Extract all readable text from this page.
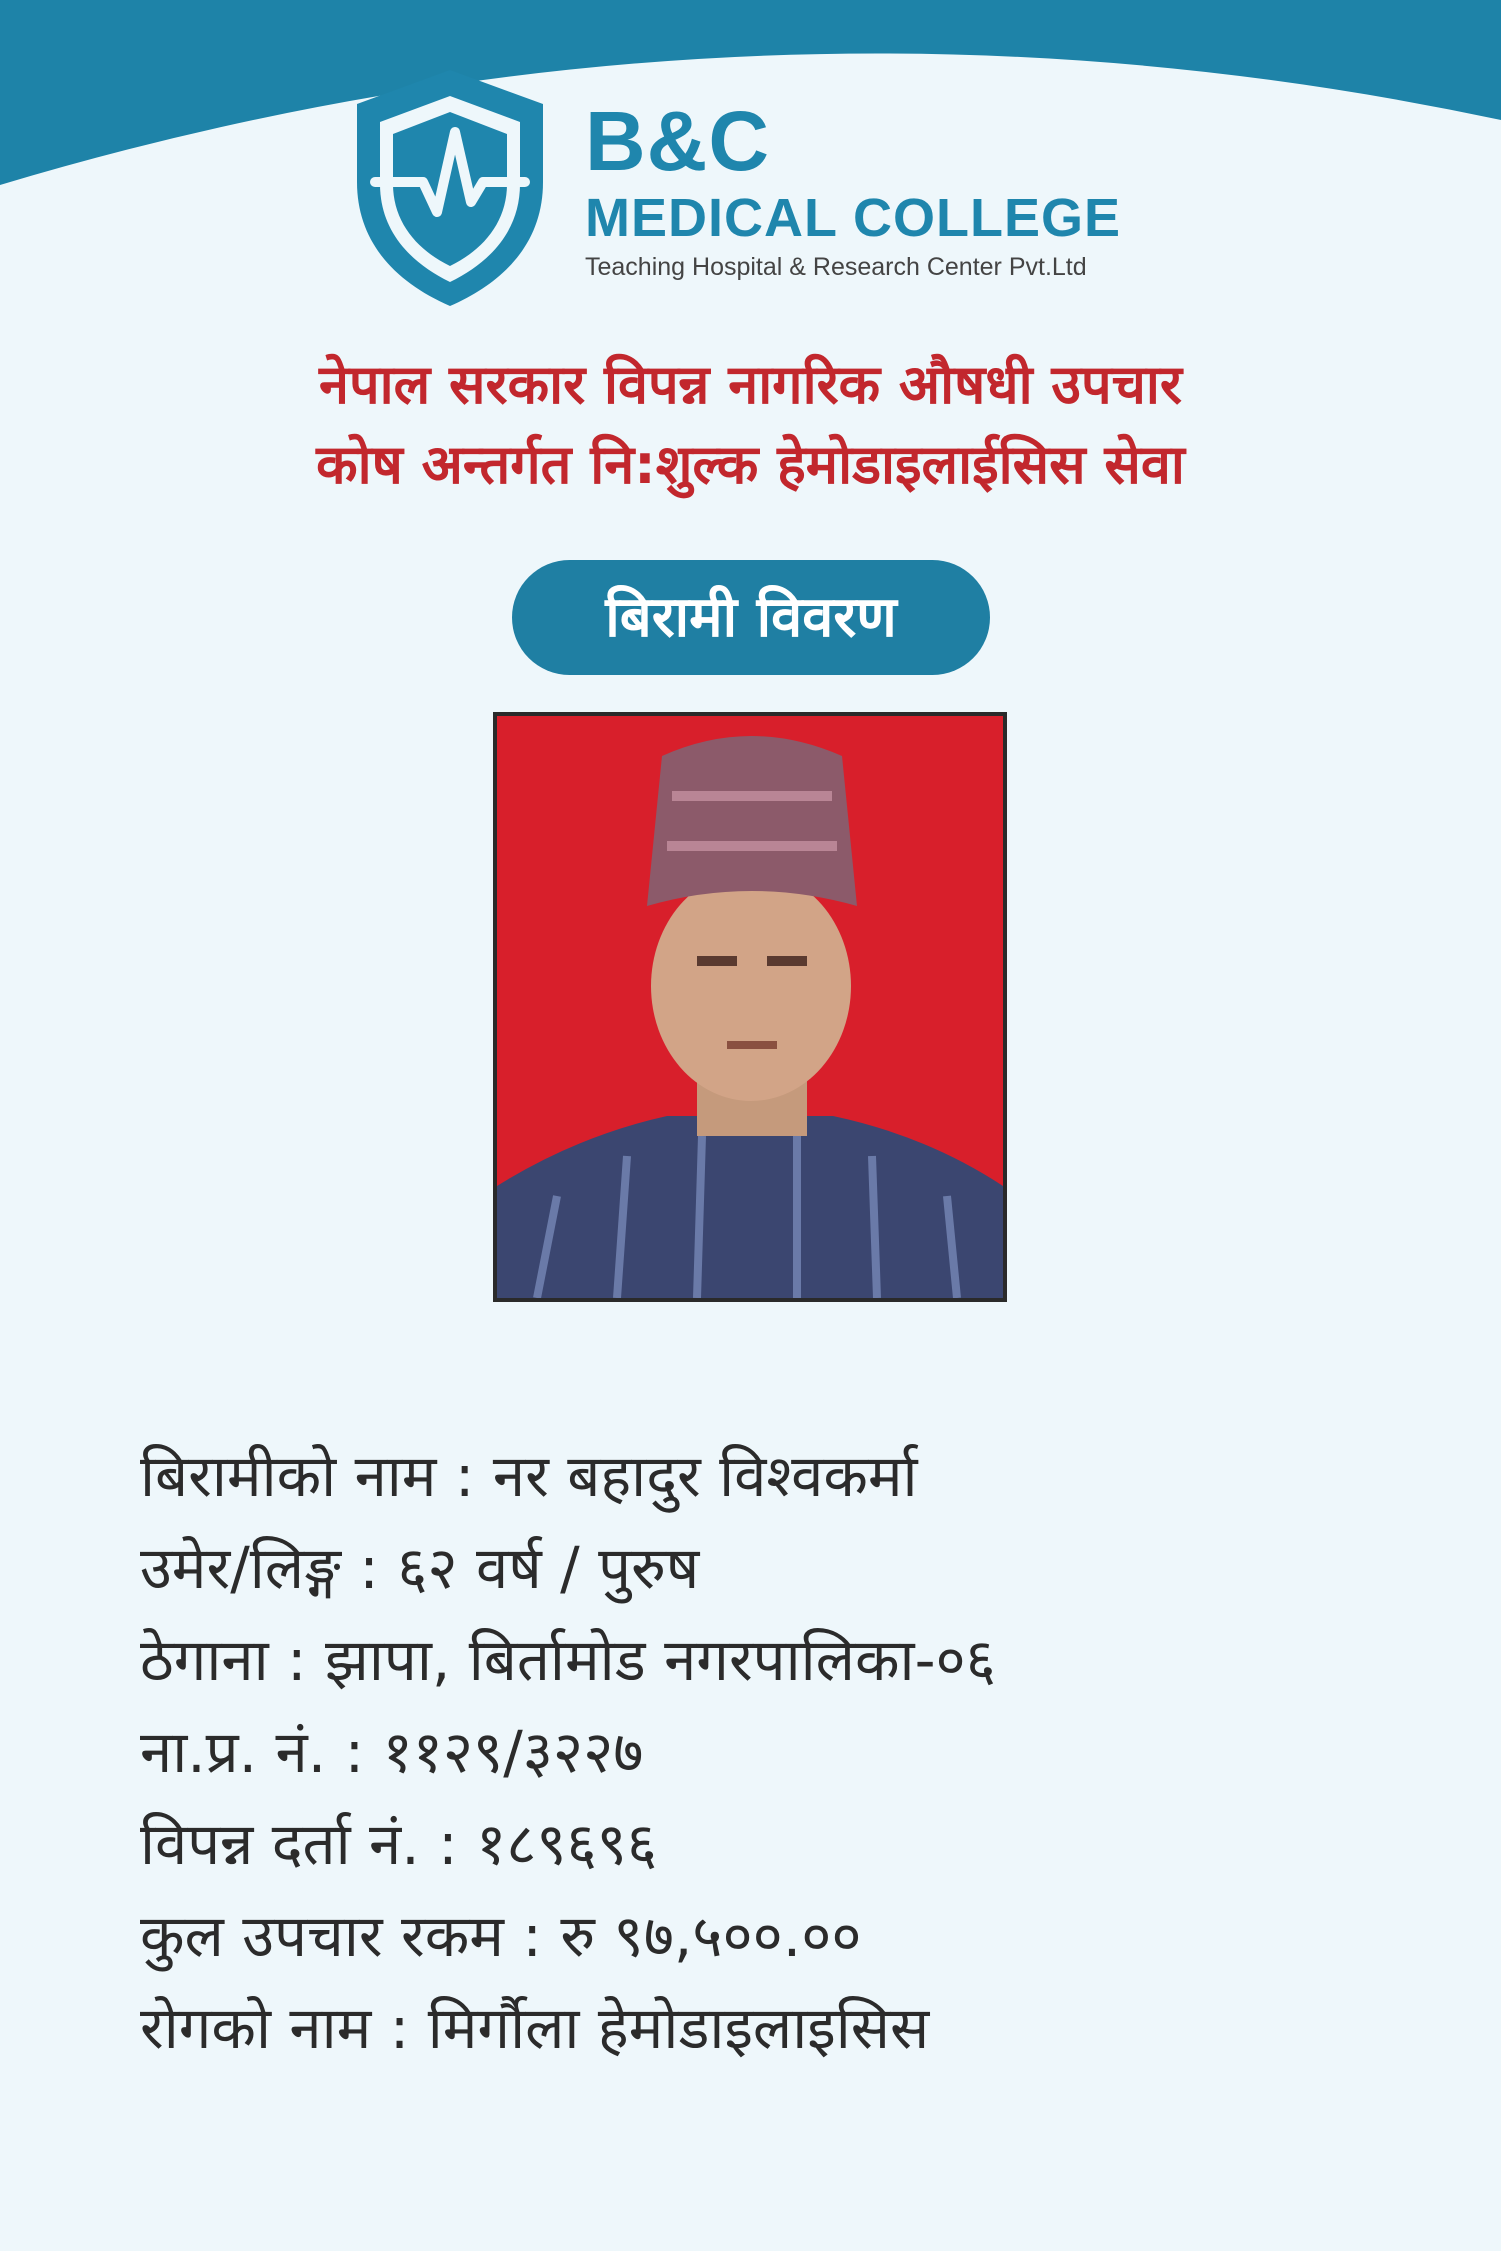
B&C
MEDICAL COLLEGE
Teaching Hospital & Research Center Pvt.Ltd
नेपाल सरकार विपन्न नागरिक औषधी उपचार
कोष अन्तर्गत नि:शुल्क हेमोडाइलाईसिस सेवा
बिरामी विवरण
बिरामीको नाम : नर बहादुर विश्वकर्मा
उमेर/लिङ्ग : ६२ वर्ष / पुरुष
ठेगाना : झापा, बिर्तामोड नगरपालिका-०६
ना.प्र. नं. : ११२९/३२२७
विपन्न दर्ता नं. : १८९६९६
कुल उपचार रकम : रु ९७,५००.००
रोगको नाम : मिर्गौला हेमोडाइलाइसिस
